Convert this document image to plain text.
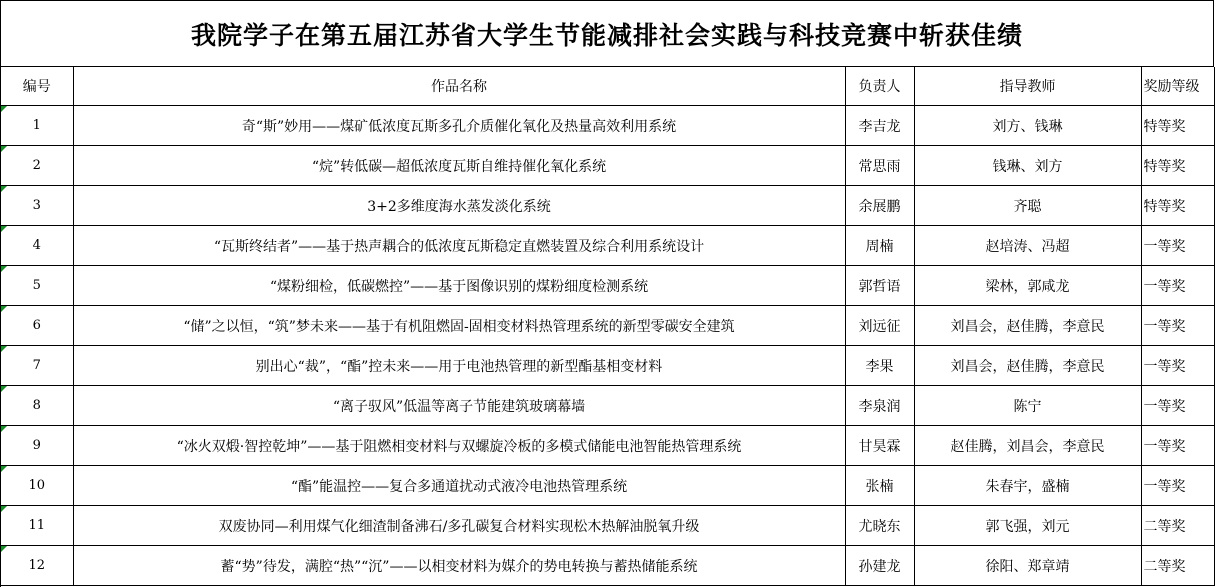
我院学子在第五届江苏省大学生节能减排社会实践与科技竞赛中斩获佳绩
编号	作品名称	负责人	指导教师	奖励等级

1	奇“斯”妙用——煤矿低浓度瓦斯多孔介质催化氧化及热量高效利用系统	李吉龙	刘方、钱琳	特等奖

2	“烷”转低碳—超低浓度瓦斯自维持催化氧化系统	常思雨	钱琳、刘方	特等奖

3	3+2多维度海水蒸发淡化系统	余展鹏	齐聪	特等奖

4	“瓦斯终结者”——基于热声耦合的低浓度瓦斯稳定直燃装置及综合利用系统设计	周楠	赵培涛、冯超	一等奖

5	“煤粉细检，低碳燃控”——基于图像识别的煤粉细度检测系统	郭哲语	梁林，郭咸龙	一等奖

6	“储”之以恒，“筑”梦未来——基于有机阻燃固-固相变材料热管理系统的新型零碳安全建筑	刘远征	刘昌会，赵佳腾，李意民	一等奖

7	别出心“裁”，“酯”控未来——用于电池热管理的新型酯基相变材料	李果	刘昌会，赵佳腾，李意民	一等奖

8	“离子驭风”低温等离子节能建筑玻璃幕墙	李泉润	陈宁	一等奖

9	“冰火双煅·智控乾坤”——基于阻燃相变材料与双螺旋冷板的多模式储能电池智能热管理系统	甘昊霖	赵佳腾，刘昌会，李意民	一等奖

10	“酯”能温控——复合多通道扰动式液冷电池热管理系统	张楠	朱春宇，盛楠	一等奖

11	双废协同—利用煤气化细渣制备沸石/多孔碳复合材料实现松木热解油脱氧升级	尤晓东	郭飞强，刘元	二等奖

12	蓄“势”待发，满腔“热”“沉”——以相变材料为媒介的势电转换与蓄热储能系统	孙建龙	徐阳、郑章靖	二等奖
